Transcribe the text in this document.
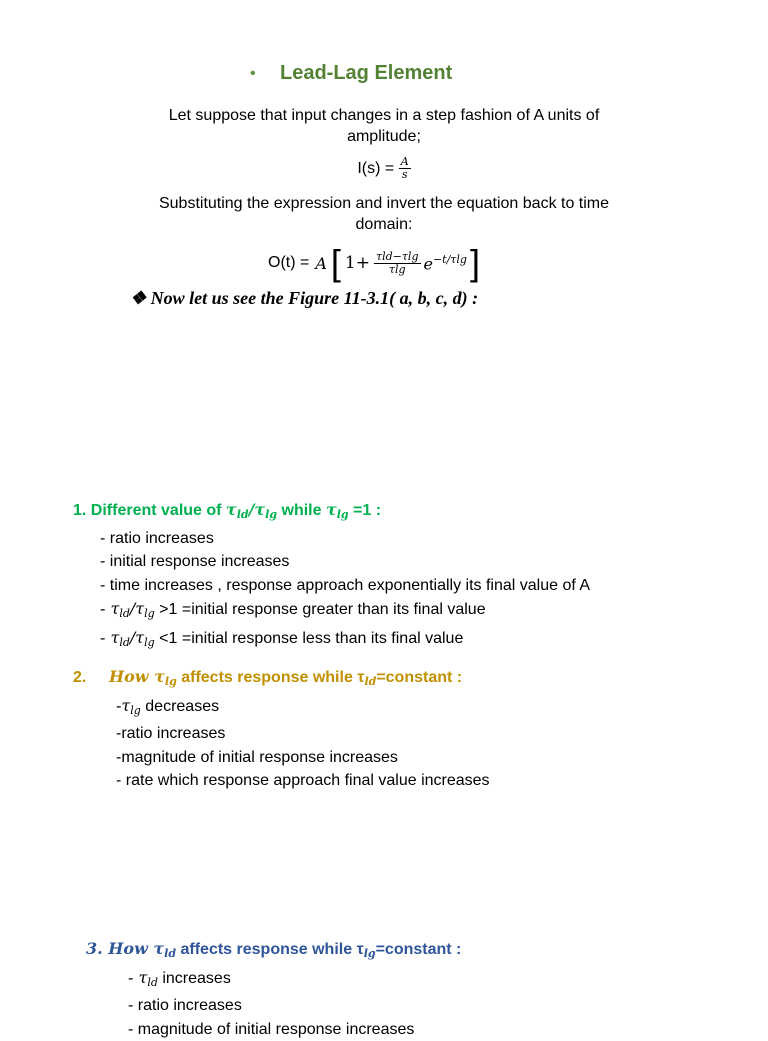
•	Lead-Lag Element
Let suppose that input changes in a step fashion of A units of
amplitude;
$I(s) = \frac{A}{s}$
Substituting the expression and invert the equation back to time
domain:
O(t) = A [ $1+ \frac{\text{τld−τlg}}{\tau\lg} e^{-t/\tau lg}$ ]
❖ Now let us see the Figure 11-3.1( a, b, c, d) :
1. Different value of $\tau_{ld}/\tau_{lg}$ while $\tau_{lg} =1$ :
- ratio increases
- initial response increases
- time increases , response approach exponentially its final value of A
- $\tau_{ld}/\tau_{lg} >1$ =initial response greater than its final value
- $\tau_{ld}/\tau_{lg} <1$ =initial response less than its final value
2. How $\tau_{lg}$ affects response while $\tau_{ld}=constant$ :
$-\tau_{lg}$ decreases
-ratio increases
-magnitude of initial response increases
- rate which response approach final value increases
3. How $\tau_{ld}$ affects response while $\tau_{lg}=constant$ :
- $\tau_{ld}$ increases
- ratio increases
- magnitude of initial response increases
